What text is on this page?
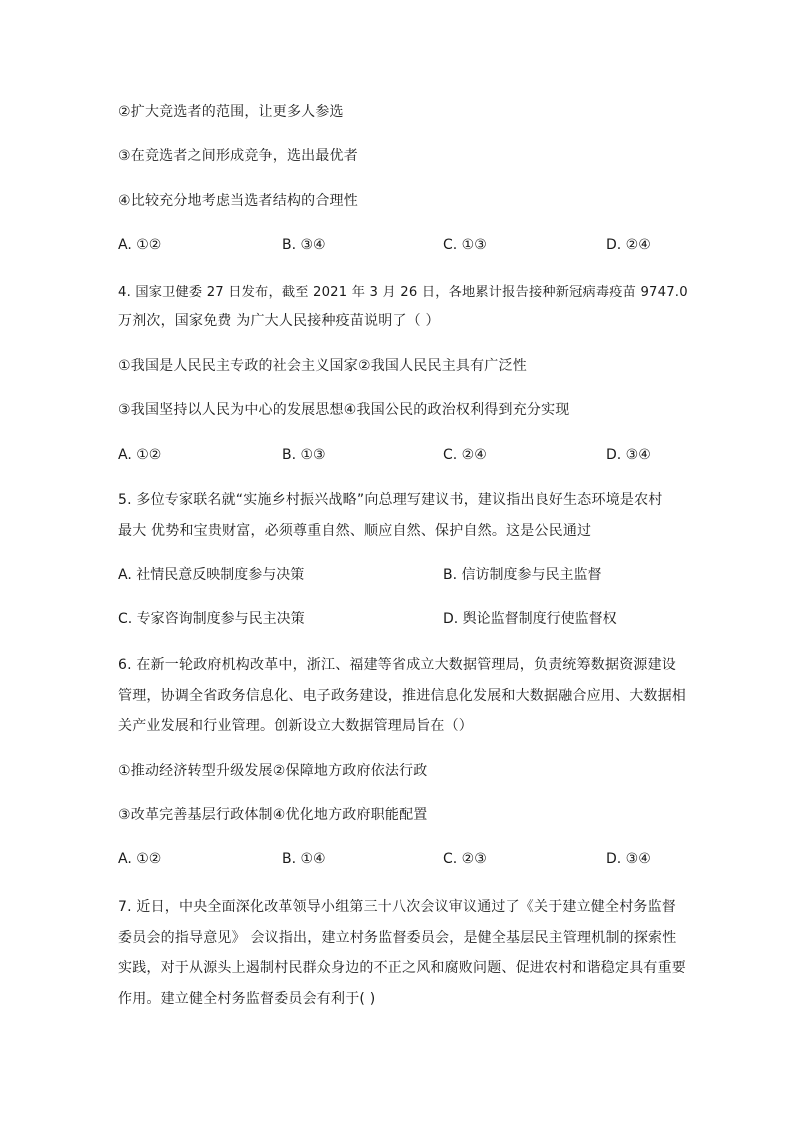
②扩大竞选者的范围，让更多人参选
③在竞选者之间形成竞争，选出最优者
④比较充分地考虑当选者结构的合理性
A. ①②	B. ③④	C. ①③	D. ②④
4. 国家卫健委 27 日发布，截至 2021 年 3 月 26 日，各地累计报告接种新冠病毒疫苗 9747.0
万剂次，国家免费 为广大人民接种疫苗说明了（ ）
①我国是人民民主专政的社会主义国家②我国人民民主具有广泛性
③我国坚持以人民为中心的发展思想④我国公民的政治权利得到充分实现
A. ①②	B. ①③	C. ②④	D. ③④
5. 多位专家联名就“实施乡村振兴战略”向总理写建议书，建议指出良好生态环境是农村
最大 优势和宝贵财富，必须尊重自然、顺应自然、保护自然。这是公民通过
A. 社情民意反映制度参与决策	B. 信访制度参与民主监督
C. 专家咨询制度参与民主决策	D. 舆论监督制度行使监督权
6. 在新一轮政府机构改革中，浙江、福建等省成立大数据管理局，负责统筹数据资源建设
管理，协调全省政务信息化、电子政务建设，推进信息化发展和大数据融合应用、大数据相
关产业发展和行业管理。创新设立大数据管理局旨在（）
①推动经济转型升级发展②保障地方政府依法行政
③改革完善基层行政体制④优化地方政府职能配置
A. ①②	B. ①④	C. ②③	D. ③④
7. 近日，中央全面深化改革领导小组第三十八次会议审议通过了《关于建立健全村务监督
委员会的指导意见》 会议指出，建立村务监督委员会，是健全基层民主管理机制的探索性
实践，对于从源头上遏制村民群众身边的不正之风和腐败问题、促进农村和谐稳定具有重要
作用。建立健全村务监督委员会有利于( )
